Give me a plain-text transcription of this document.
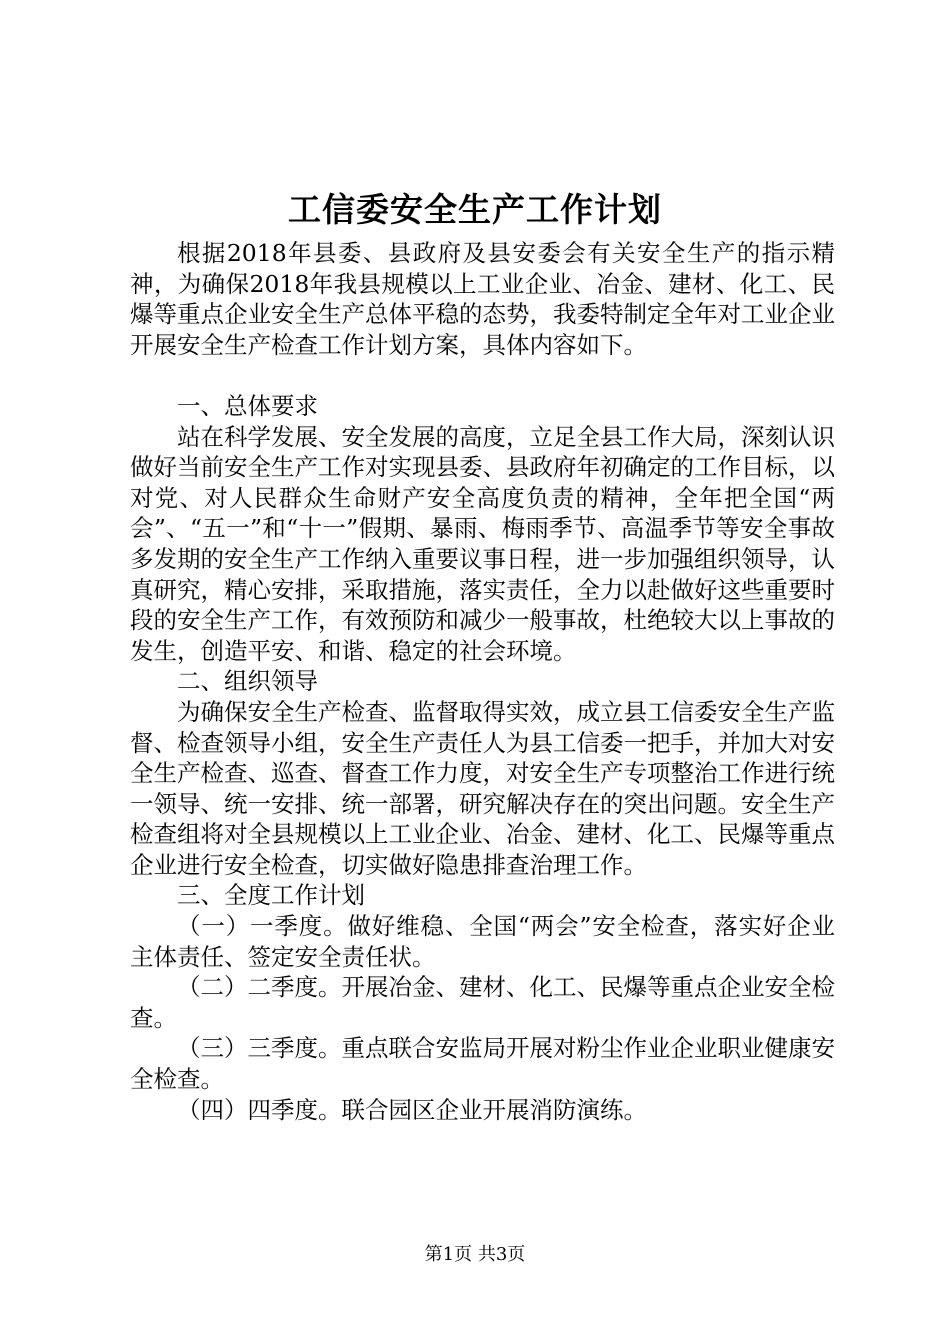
工信委安全生产工作计划

根据2018年县委、县政府及县安委会有关安全生产的指示精神，为确保2018年我县规模以上工业企业、冶金、建材、化工、民爆等重点企业安全生产总体平稳的态势，我委特制定全年对工业企业开展安全生产检查工作计划方案，具体内容如下。

一、总体要求

站在科学发展、安全发展的高度，立足全县工作大局，深刻认识做好当前安全生产工作对实现县委、县政府年初确定的工作目标，以对党、对人民群众生命财产安全高度负责的精神，全年把全国“两会”、“五一”和“十一”假期、暴雨、梅雨季节、高温季节等安全事故多发期的安全生产工作纳入重要议事日程，进一步加强组织领导，认真研究，精心安排，采取措施，落实责任，全力以赴做好这些重要时段的安全生产工作，有效预防和减少一般事故，杜绝较大以上事故的发生，创造平安、和谐、稳定的社会环境。

二、组织领导

为确保安全生产检查、监督取得实效，成立县工信委安全生产监督、检查领导小组，安全生产责任人为县工信委一把手，并加大对安全生产检查、巡查、督查工作力度，对安全生产专项整治工作进行统一领导、统一安排、统一部署，研究解决存在的突出问题。安全生产检查组将对全县规模以上工业企业、冶金、建材、化工、民爆等重点企业进行安全检查，切实做好隐患排查治理工作。

三、全度工作计划

（一）一季度。做好维稳、全国“两会”安全检查，落实好企业主体责任、签定安全责任状。

（二）二季度。开展冶金、建材、化工、民爆等重点企业安全检查。

（三）三季度。重点联合安监局开展对粉尘作业企业职业健康安全检查。

（四）四季度。联合园区企业开展消防演练。

第1页 共3页
